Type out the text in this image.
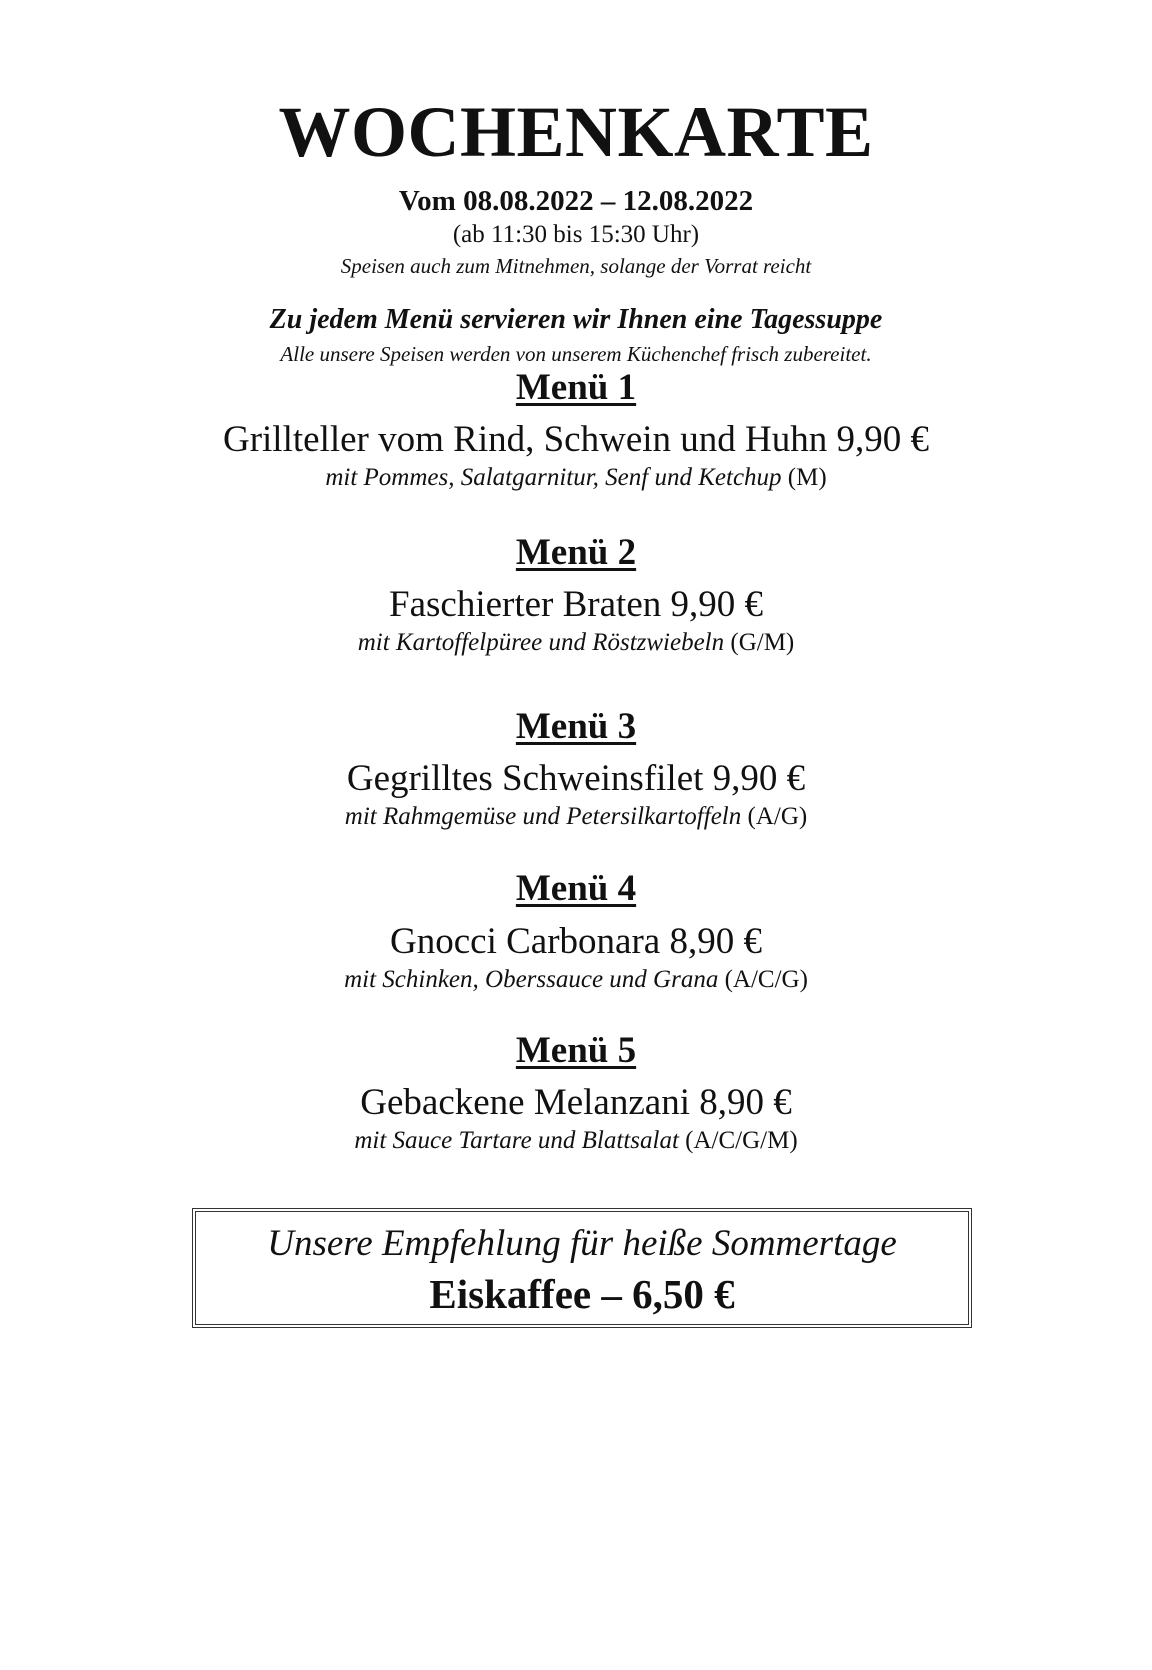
WOCHENKARTE
Vom 08.08.2022 – 12.08.2022
(ab 11:30 bis 15:30 Uhr)
Speisen auch zum Mitnehmen, solange der Vorrat reicht
Zu jedem Menü servieren wir Ihnen eine Tagessuppe
Alle unsere Speisen werden von unserem Küchenchef frisch zubereitet.
Menü 1
Grillteller vom Rind, Schwein und Huhn 9,90 €
mit Pommes, Salatgarnitur, Senf und Ketchup (M)
Menü 2
Faschierter Braten 9,90 €
mit Kartoffelpüree und Röstzwiebeln (G/M)
Menü 3
Gegrilltes Schweinsfilet 9,90 €
mit Rahmgemüse und Petersilkartoffeln (A/G)
Menü 4
Gnocci Carbonara 8,90 €
mit Schinken, Oberssauce und Grana (A/C/G)
Menü 5
Gebackene Melanzani 8,90 €
mit Sauce Tartare und Blattsalat (A/C/G/M)
Unsere Empfehlung für heiße Sommertage
Eiskaffee – 6,50 €
